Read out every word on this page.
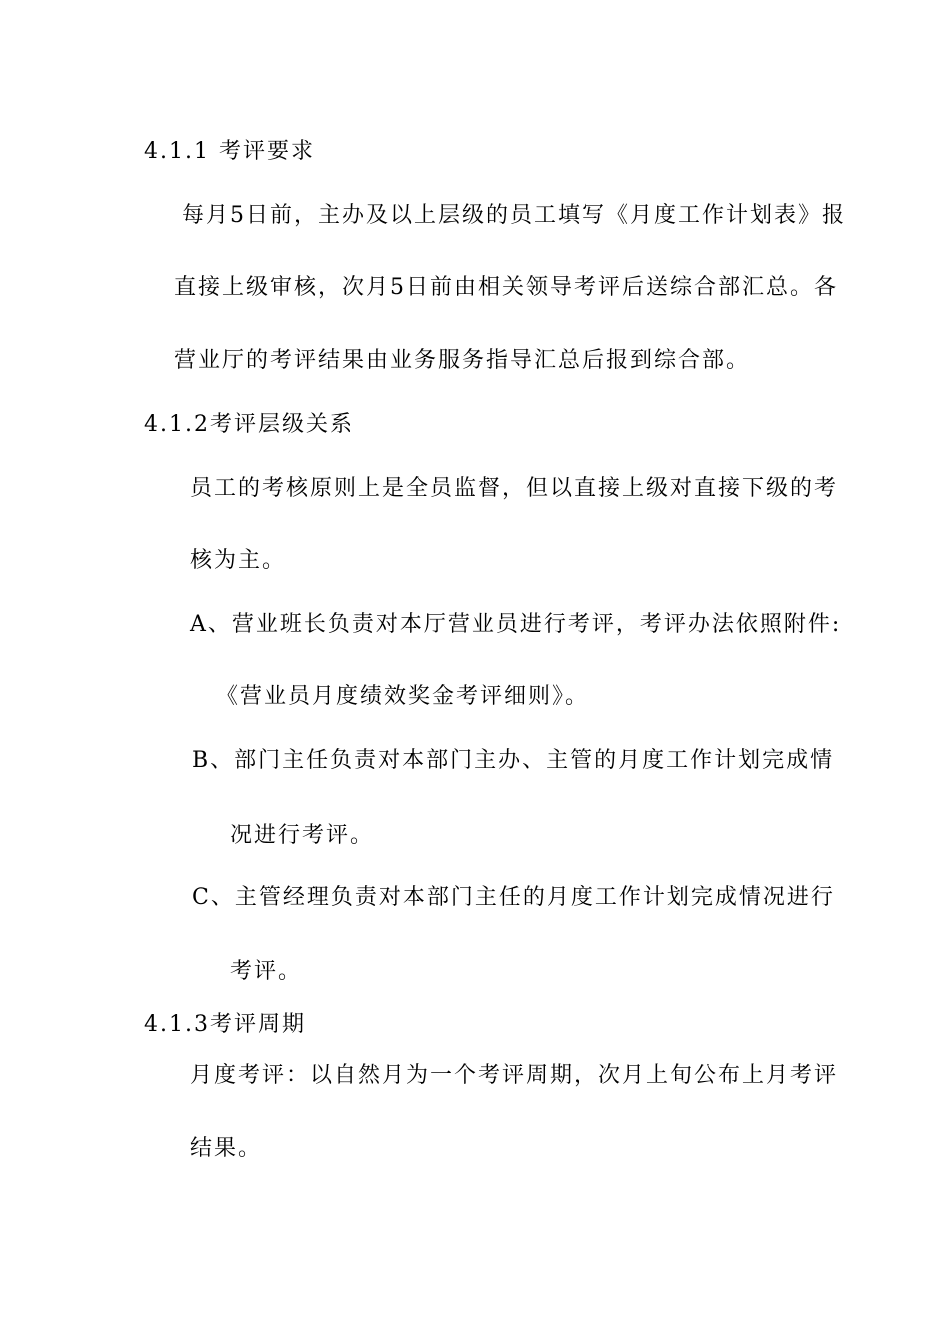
4.1.1 考评要求
每月5日前，主办及以上层级的员工填写《月度工作计划表》报
直接上级审核，次月5日前由相关领导考评后送综合部汇总。各
营业厅的考评结果由业务服务指导汇总后报到综合部。
4.1.2考评层级关系
员工的考核原则上是全员监督，但以直接上级对直接下级的考
核为主。
A、营业班长负责对本厅营业员进行考评，考评办法依照附件:
《营业员月度绩效奖金考评细则》。
B、部门主任负责对本部门主办、主管的月度工作计划完成情
况进行考评。
C、主管经理负责对本部门主任的月度工作计划完成情况进行
考评。
4.1.3考评周期
月度考评：以自然月为一个考评周期，次月上旬公布上月考评
结果。
